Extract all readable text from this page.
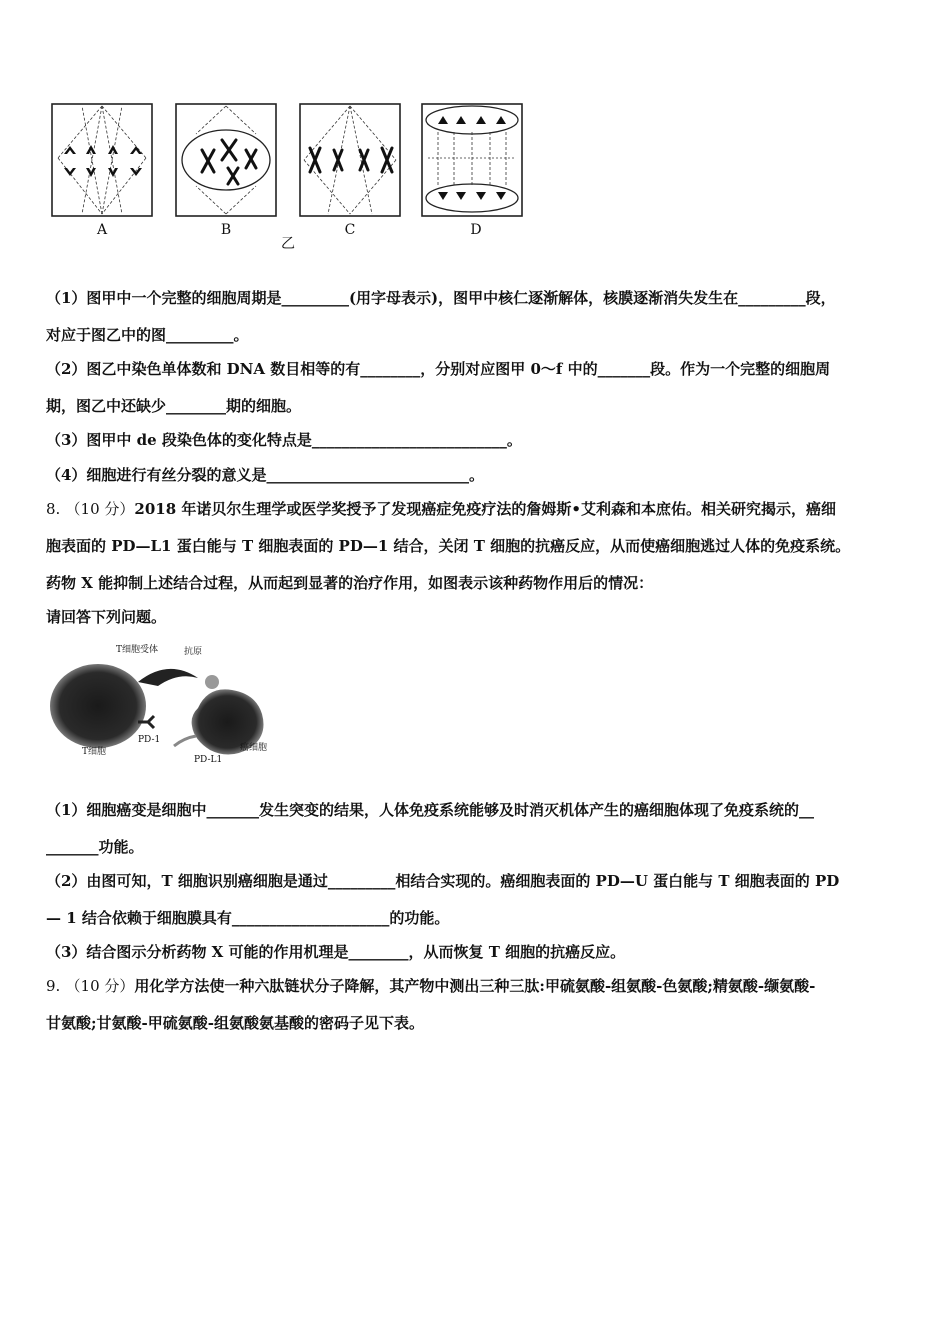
A	B	C	D
乙
（1）图甲中一个完整的细胞周期是_________(用字母表示)，图甲中核仁逐渐解体，核膜逐渐消失发生在_________段，
对应于图乙中的图_________。
（2）图乙中染色单体数和 DNA 数目相等的有________，分别对应图甲 0～f 中的_______段。作为一个完整的细胞周
期，图乙中还缺少________期的细胞。
（3）图甲中 de 段染色体的变化特点是__________________________。
（4）细胞进行有丝分裂的意义是___________________________。
8. （10 分）2018 年诺贝尔生理学或医学奖授予了发现癌症免疫疗法的詹姆斯•艾利森和本庶佑。相关研究揭示，癌细
胞表面的 PD—L1 蛋白能与 T 细胞表面的 PD—1 结合，关闭 T 细胞的抗癌反应，从而使癌细胞逃过人体的免疫系统。
药物 X 能抑制上述结合过程，从而起到显著的治疗作用，如图表示该种药物作用后的情况：
请回答下列问题。
T细胞受体	抗原
PD-1
T细胞
PD-L1
癌细胞
（1）细胞癌变是细胞中_______发生突变的结果，人体免疫系统能够及时消灭机体产生的癌细胞体现了免疫系统的__
_______功能。
（2）由图可知，T 细胞识别癌细胞是通过_________相结合实现的。癌细胞表面的 PD—U 蛋白能与 T 细胞表面的 PD
— 1 结合依赖于细胞膜具有_____________________的功能。
（3）结合图示分析药物 X 可能的作用机理是________，从而恢复 T 细胞的抗癌反应。
9. （10 分）用化学方法使一种六肽链状分子降解，其产物中测出三种三肽:甲硫氨酸-组氨酸-色氨酸;精氨酸-缬氨酸-
甘氨酸;甘氨酸-甲硫氨酸-组氨酸氨基酸的密码子见下表。
